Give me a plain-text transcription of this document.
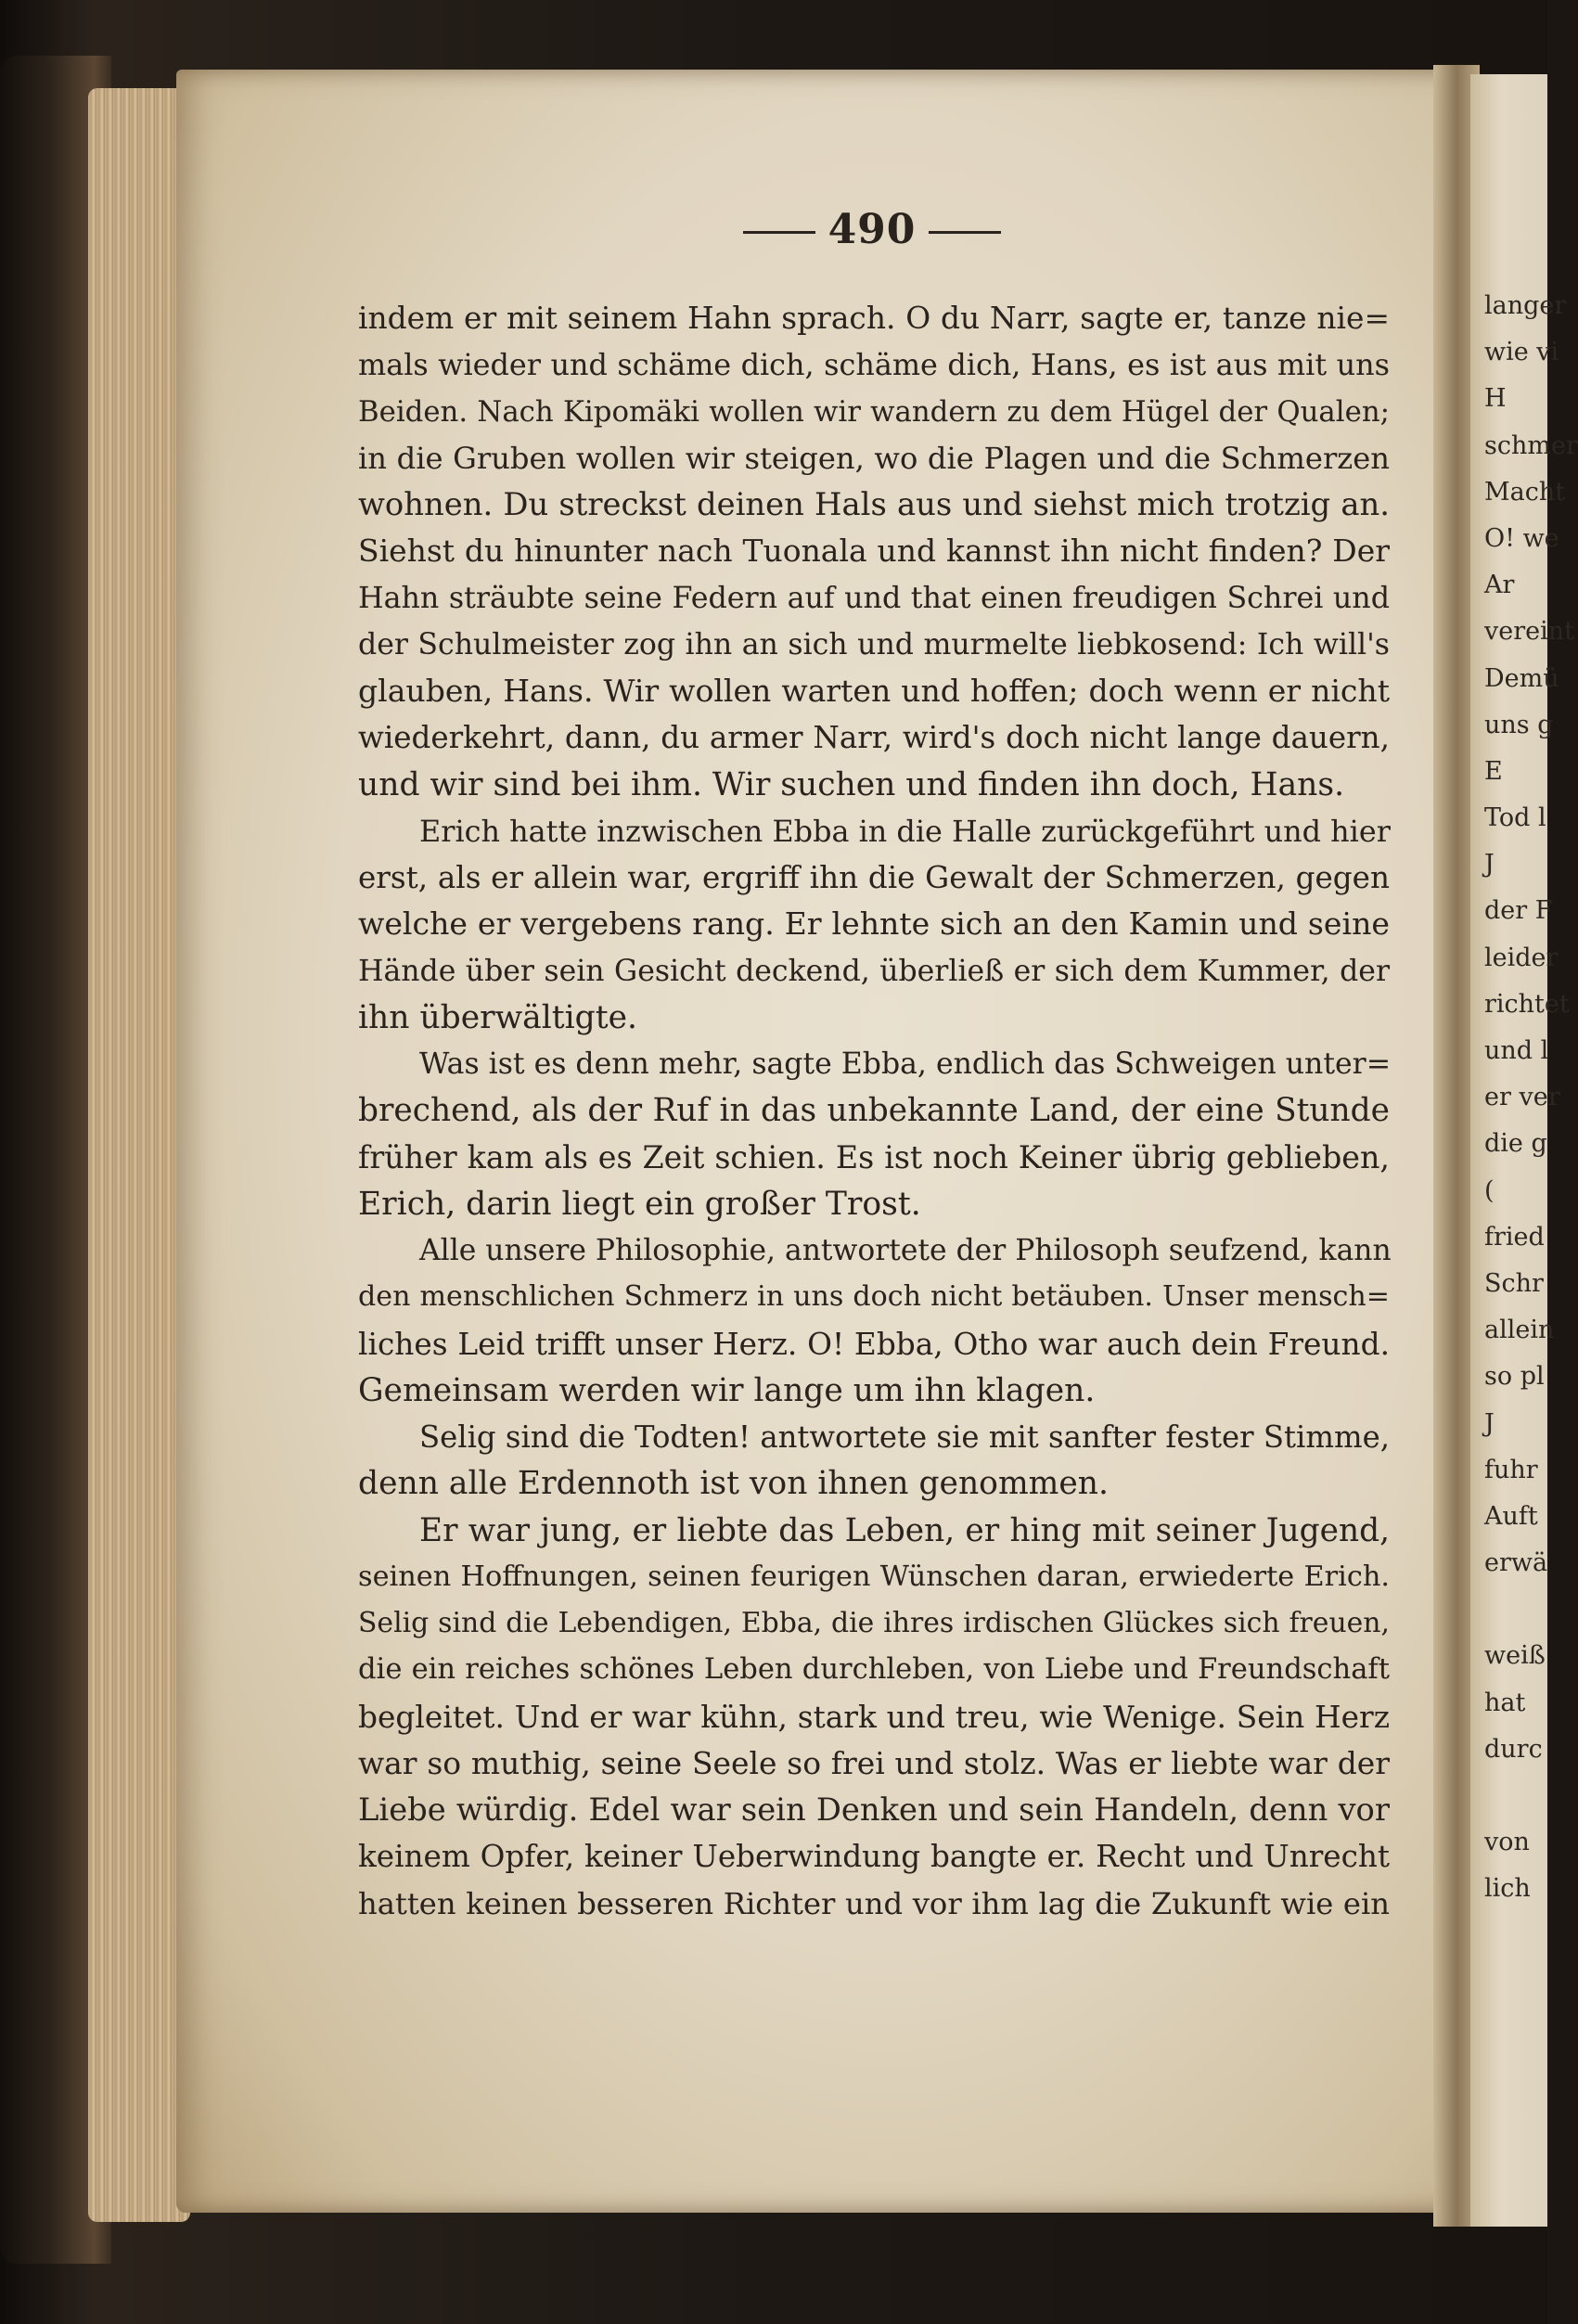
490
indem er mit seinem Hahn sprach. O du Narr, sagte er, tanze nie=
mals wieder und schäme dich, schäme dich, Hans, es ist aus mit uns
Beiden. Nach Kipomäki wollen wir wandern zu dem Hügel der Qualen;
in die Gruben wollen wir steigen, wo die Plagen und die Schmerzen
wohnen. Du streckst deinen Hals aus und siehst mich trotzig an.
Siehst du hinunter nach Tuonala und kannst ihn nicht finden? Der
Hahn sträubte seine Federn auf und that einen freudigen Schrei und
der Schulmeister zog ihn an sich und murmelte liebkosend: Ich will's
glauben, Hans. Wir wollen warten und hoffen; doch wenn er nicht
wiederkehrt, dann, du armer Narr, wird's doch nicht lange dauern,
und wir sind bei ihm. Wir suchen und finden ihn doch, Hans.
Erich hatte inzwischen Ebba in die Halle zurückgeführt und hier
erst, als er allein war, ergriff ihn die Gewalt der Schmerzen, gegen
welche er vergebens rang. Er lehnte sich an den Kamin und seine
Hände über sein Gesicht deckend, überließ er sich dem Kummer, der
ihn überwältigte.
Was ist es denn mehr, sagte Ebba, endlich das Schweigen unter=
brechend, als der Ruf in das unbekannte Land, der eine Stunde
früher kam als es Zeit schien. Es ist noch Keiner übrig geblieben,
Erich, darin liegt ein großer Trost.
Alle unsere Philosophie, antwortete der Philosoph seufzend, kann
den menschlichen Schmerz in uns doch nicht betäuben. Unser mensch=
liches Leid trifft unser Herz. O! Ebba, Otho war auch dein Freund.
Gemeinsam werden wir lange um ihn klagen.
Selig sind die Todten! antwortete sie mit sanfter fester Stimme,
denn alle Erdennoth ist von ihnen genommen.
Er war jung, er liebte das Leben, er hing mit seiner Jugend,
seinen Hoffnungen, seinen feurigen Wünschen daran, erwiederte Erich.
Selig sind die Lebendigen, Ebba, die ihres irdischen Glückes sich freuen,
die ein reiches schönes Leben durchleben, von Liebe und Freundschaft
begleitet. Und er war kühn, stark und treu, wie Wenige. Sein Herz
war so muthig, seine Seele so frei und stolz. Was er liebte war der
Liebe würdig. Edel war sein Denken und sein Handeln, denn vor
keinem Opfer, keiner Ueberwindung bangte er. Recht und Unrecht
hatten keinen besseren Richter und vor ihm lag die Zukunft wie ein
langer
wie vi
H
schmer
Macht
O! we
Ar
vereint
Demü
uns g
E
Tod l
J
der F
leider
richtet
und l
er ver
die g
(
fried
Schr
allein
so pl
J
fuhr
Auft
erwä
weiß
hat
durc
von
lich
